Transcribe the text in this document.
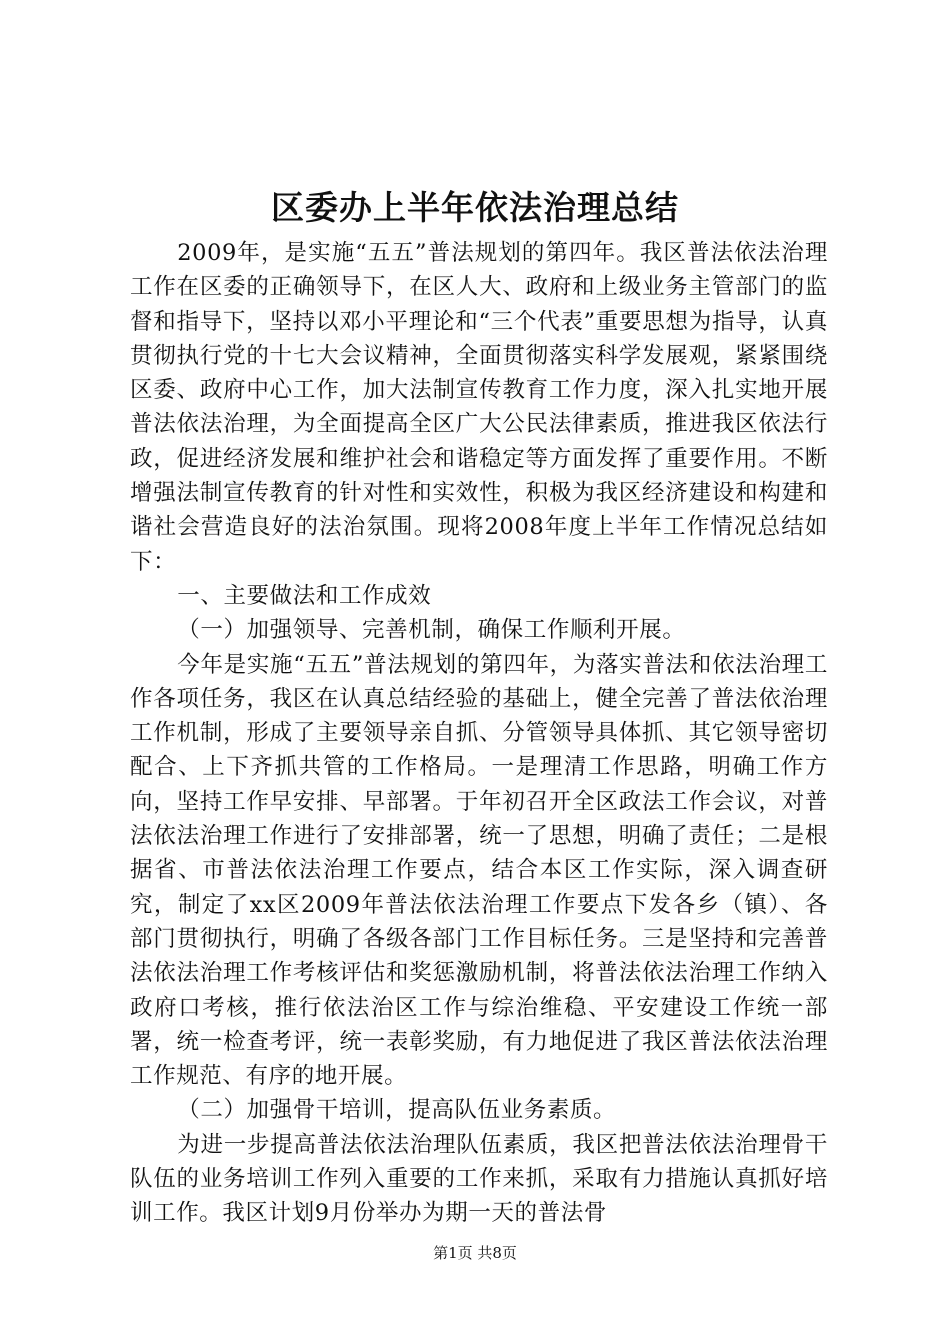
区委办上半年依法治理总结

2009年，是实施“五五”普法规划的第四年。我区普法依法治理工作在区委的正确领导下，在区人大、政府和上级业务主管部门的监督和指导下，坚持以邓小平理论和“三个代表”重要思想为指导，认真贯彻执行党的十七大会议精神，全面贯彻落实科学发展观，紧紧围绕区委、政府中心工作，加大法制宣传教育工作力度，深入扎实地开展普法依法治理，为全面提高全区广大公民法律素质，推进我区依法行政，促进经济发展和维护社会和谐稳定等方面发挥了重要作用。不断增强法制宣传教育的针对性和实效性，积极为我区经济建设和构建和谐社会营造良好的法治氛围。现将2008年度上半年工作情况总结如下：

一、主要做法和工作成效

（一）加强领导、完善机制，确保工作顺利开展。

今年是实施“五五”普法规划的第四年，为落实普法和依法治理工作各项任务，我区在认真总结经验的基础上，健全完善了普法依治理工作机制，形成了主要领导亲自抓、分管领导具体抓、其它领导密切配合、上下齐抓共管的工作格局。一是理清工作思路，明确工作方向，坚持工作早安排、早部署。于年初召开全区政法工作会议，对普法依法治理工作进行了安排部署，统一了思想，明确了责任；二是根据省、市普法依法治理工作要点，结合本区工作实际，深入调查研究，制定了xx区2009年普法依法治理工作要点下发各乡（镇）、各部门贯彻执行，明确了各级各部门工作目标任务。三是坚持和完善普法依法治理工作考核评估和奖惩激励机制，将普法依法治理工作纳入政府口考核，推行依法治区工作与综治维稳、平安建设工作统一部署，统一检查考评，统一表彰奖励，有力地促进了我区普法依法治理工作规范、有序的地开展。

（二）加强骨干培训，提高队伍业务素质。

为进一步提高普法依法治理队伍素质，我区把普法依法治理骨干队伍的业务培训工作列入重要的工作来抓，采取有力措施认真抓好培训工作。我区计划9月份举办为期一天的普法骨

第1页 共8页
